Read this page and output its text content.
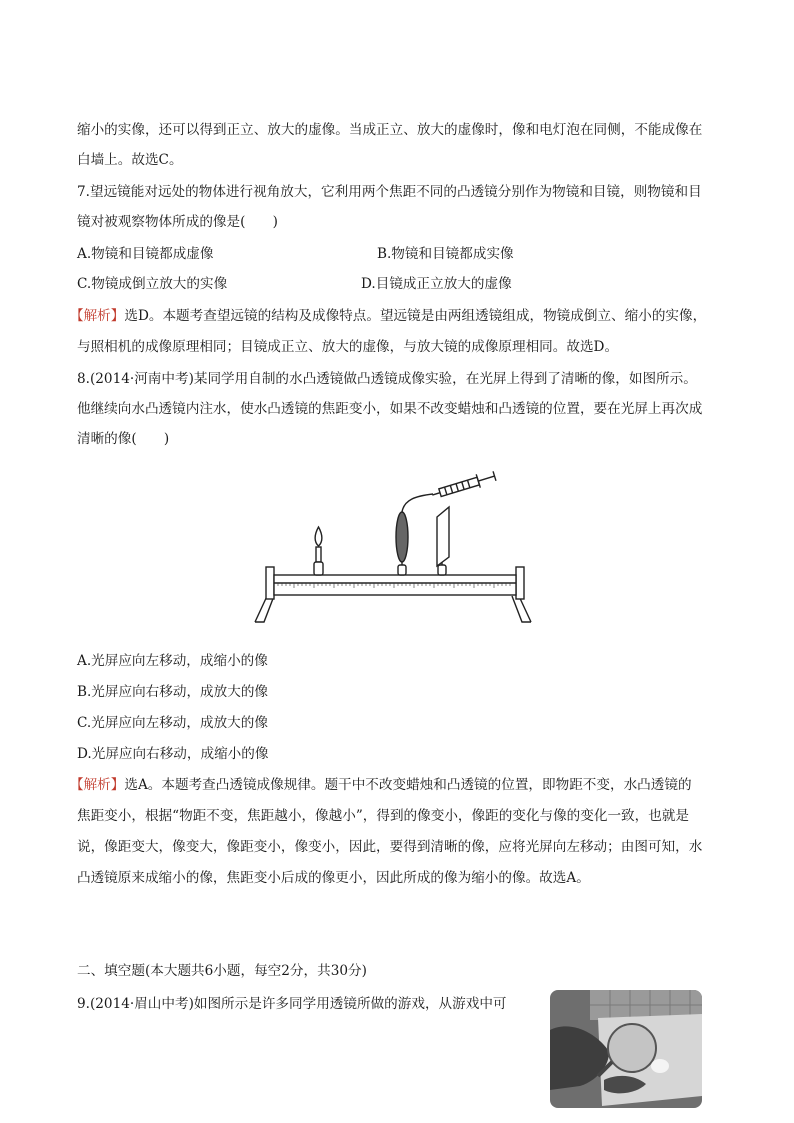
缩小的实像，还可以得到正立、放大的虚像。当成正立、放大的虚像时，像和电灯泡在同侧，不能成像在
白墙上。故选C。
7.望远镜能对远处的物体进行视角放大，它利用两个焦距不同的凸透镜分别作为物镜和目镜，则物镜和目
镜对被观察物体所成的像是(　　)
A.物镜和目镜都成虚像	B.物镜和目镜都成实像
C.物镜成倒立放大的实像	D.目镜成正立放大的虚像
【解析】选D。本题考查望远镜的结构及成像特点。望远镜是由两组透镜组成，物镜成倒立、缩小的实像，
与照相机的成像原理相同；目镜成正立、放大的虚像，与放大镜的成像原理相同。故选D。
8.(2014·河南中考)某同学用自制的水凸透镜做凸透镜成像实验，在光屏上得到了清晰的像，如图所示。
他继续向水凸透镜内注水，使水凸透镜的焦距变小，如果不改变蜡烛和凸透镜的位置，要在光屏上再次成
清晰的像(　　)
A.光屏应向左移动，成缩小的像
B.光屏应向右移动，成放大的像
C.光屏应向左移动，成放大的像
D.光屏应向右移动，成缩小的像
【解析】选A。本题考查凸透镜成像规律。题干中不改变蜡烛和凸透镜的位置，即物距不变，水凸透镜的
焦距变小，根据“物距不变，焦距越小，像越小”，得到的像变小，像距的变化与像的变化一致，也就是
说，像距变大，像变大，像距变小，像变小，因此，要得到清晰的像，应将光屏向左移动；由图可知，水
凸透镜原来成缩小的像，焦距变小后成的像更小，因此所成的像为缩小的像。故选A。
二、填空题(本大题共6小题，每空2分，共30分)
9.(2014·眉山中考)如图所示是许多同学用透镜所做的游戏，从游戏中可
